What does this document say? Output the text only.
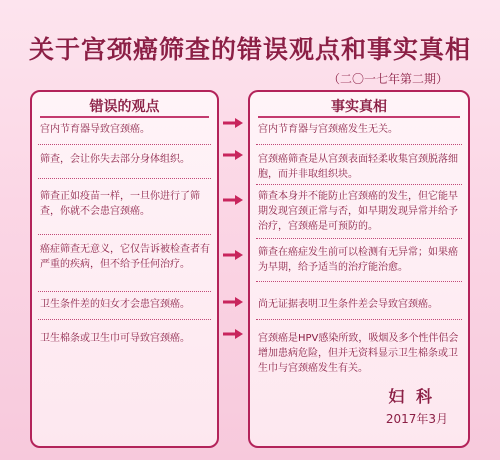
关于宫颈癌筛查的错误观点和事实真相
（二〇一七年第二期）
错误的观点
宫内节育器导致宫颈癌。
筛查，会让你失去部分身体组织。
筛查正如疫苗一样，一旦你进行了筛查，你就不会患宫颈癌。
癌症筛查无意义，它仅告诉被检查者有严重的疾病，但不给予任何治疗。
卫生条件差的妇女才会患宫颈癌。
卫生棉条或卫生巾可导致宫颈癌。
事实真相
宫内节育器与宫颈癌发生无关。
宫颈癌筛查是从宫颈表面轻柔收集宫颈脱落细胞，而并非取组织块。
筛查本身并不能防止宫颈癌的发生，但它能早期发现宫颈正常与否，如早期发现异常并给予治疗，宫颈癌是可预防的。
筛查在癌症发生前可以检测有无异常；如果癌为早期，给予适当的治疗能治愈。
尚无证据表明卫生条件差会导致宫颈癌。
宫颈癌是HPV感染所致，吸烟及多个性伴侣会增加患病危险，但并无资料显示卫生棉条或卫生巾与宫颈癌发生有关。
妇 科
2017年3月
